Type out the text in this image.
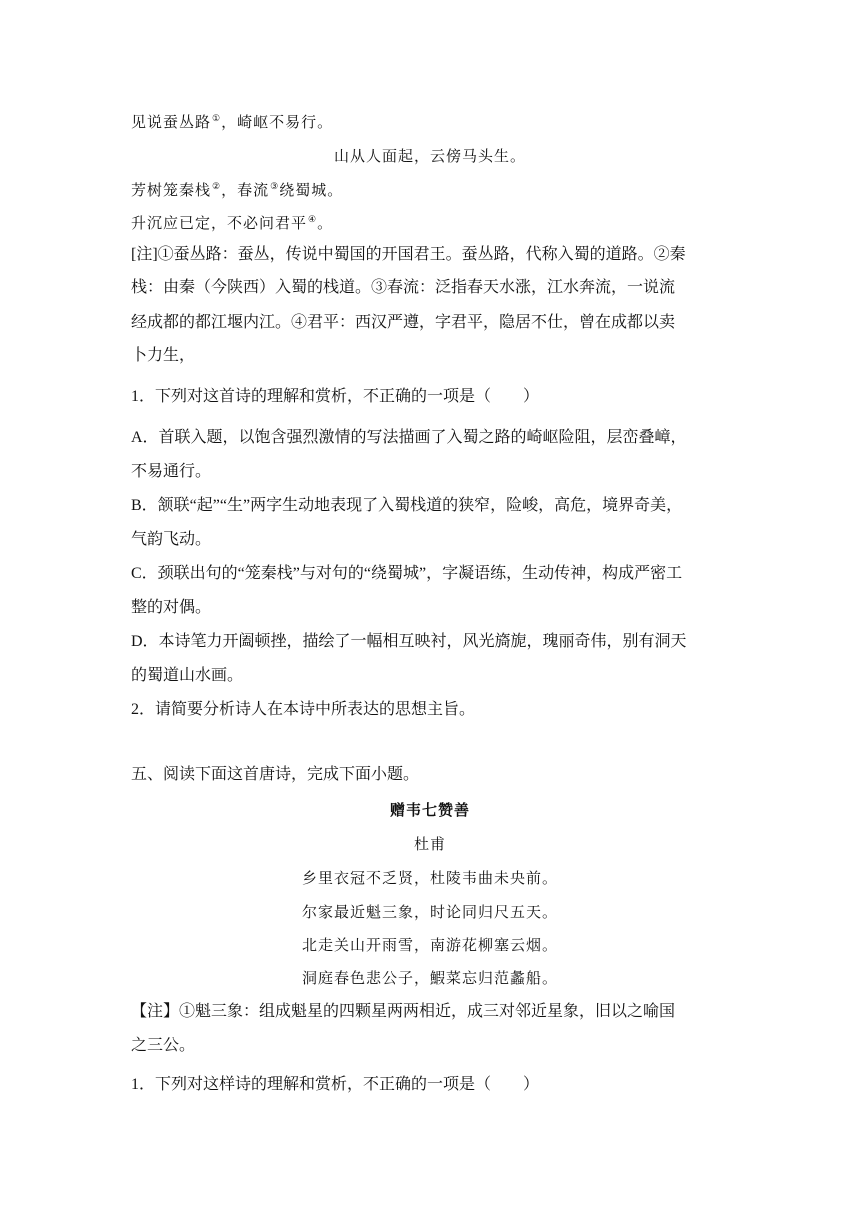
见说蚕丛路①，崎岖不易行。
山从人面起，云傍马头生。
芳树笼秦栈②，春流③绕蜀城。
升沉应已定，不必问君平④。
[注]①蚕丛路：蚕丛，传说中蜀国的开国君王。蚕丛路，代称入蜀的道路。②秦
栈：由秦（今陕西）入蜀的栈道。③春流：泛指春天水涨，江水奔流，一说流
经成都的都江堰内江。④君平：西汉严遵，字君平，隐居不仕，曾在成都以卖
卜力生，
1．下列对这首诗的理解和赏析，不正确的一项是（　　）
A．首联入题，以饱含强烈激情的写法描画了入蜀之路的崎岖险阻，层峦叠嶂，
不易通行。
B．颔联“起”“生”两字生动地表现了入蜀栈道的狭窄，险峻，高危，境界奇美，
气韵飞动。
C．颈联出句的“笼秦栈”与对句的“绕蜀城”，字凝语练，生动传神，构成严密工
整的对偶。
D．本诗笔力开阖顿挫，描绘了一幅相互映衬，风光旖旎，瑰丽奇伟，别有洞天
的蜀道山水画。
2．请简要分析诗人在本诗中所表达的思想主旨。
五、阅读下面这首唐诗，完成下面小题。
赠韦七赞善
杜甫
乡里衣冠不乏贤，杜陵韦曲未央前。
尔家最近魁三象，时论同归尺五天。
北走关山开雨雪，南游花柳塞云烟。
洞庭春色悲公子，鰕菜忘归范蠡船。
【注】①魁三象：组成魁星的四颗星两两相近，成三对邻近星象，旧以之喻国
之三公。
1．下列对这样诗的理解和赏析，不正确的一项是（　　）
